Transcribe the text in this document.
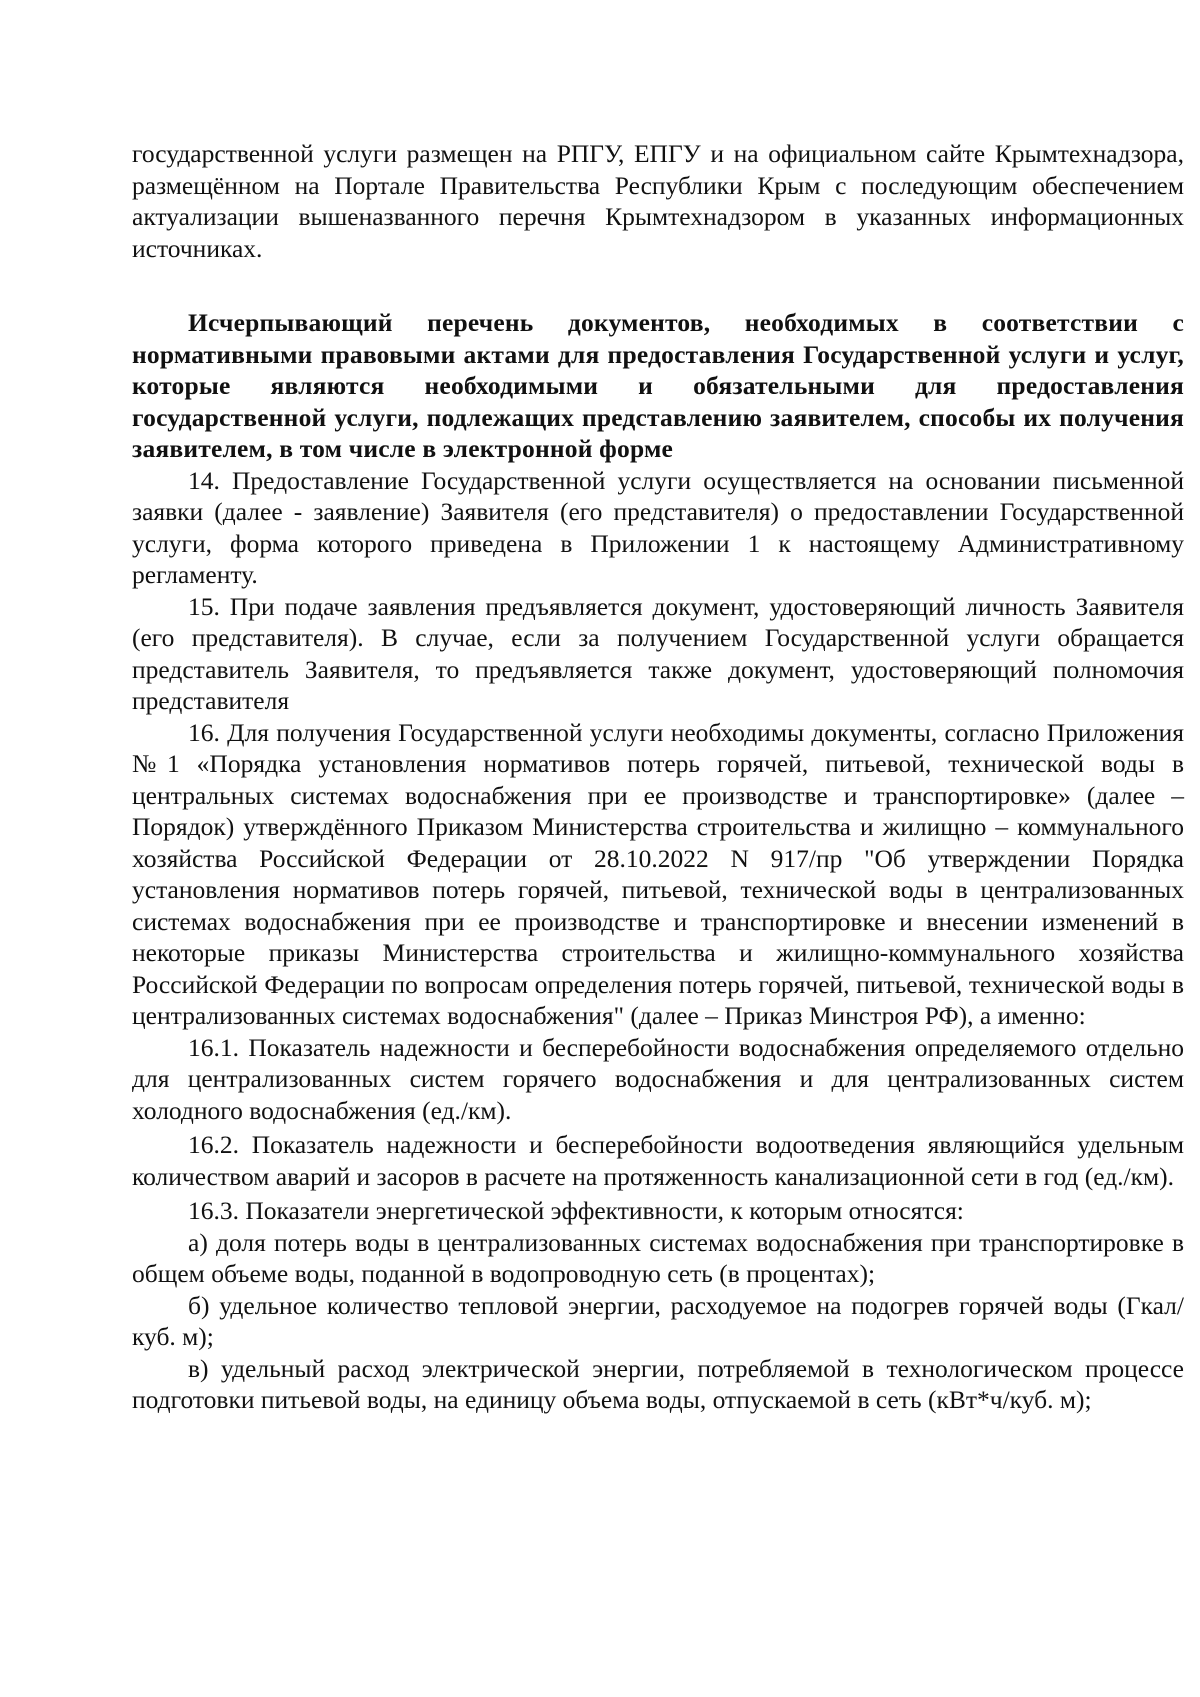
государственной услуги размещен на РПГУ, ЕПГУ и на официальном сайте Крымтехнадзора, размещённом на Портале Правительства Республики Крым с последующим обеспечением актуализации вышеназванного перечня Крымтехнадзором в указанных информационных источниках.

Исчерпывающий перечень документов, необходимых в соответствии с нормативными правовыми актами для предоставления Государственной услуги и услуг, которые являются необходимыми и обязательными для предоставления государственной услуги, подлежащих представлению заявителем, способы их получения заявителем, в том числе в электронной форме

14. Предоставление Государственной услуги осуществляется на основании письменной заявки (далее - заявление) Заявителя (его представителя) о предоставлении Государственной услуги, форма которого приведена в Приложении 1 к настоящему Административному регламенту.

15. При подаче заявления предъявляется документ, удостоверяющий личность Заявителя (его представителя). В случае, если за получением Государственной услуги обращается представитель Заявителя, то предъявляется также документ, удостоверяющий полномочия представителя

16. Для получения Государственной услуги необходимы документы, согласно Приложения №1 «Порядка установления нормативов потерь горячей, питьевой, технической воды в центральных системах водоснабжения при ее производстве и транспортировке» (далее – Порядок) утверждённого Приказом Министерства строительства и жилищно – коммунального хозяйства Российской Федерации от 28.10.2022 N 917/пр "Об утверждении Порядка установления нормативов потерь горячей, питьевой, технической воды в централизованных системах водоснабжения при ее производстве и транспортировке и внесении изменений в некоторые приказы Министерства строительства и жилищно-коммунального хозяйства Российской Федерации по вопросам определения потерь горячей, питьевой, технической воды в централизованных системах водоснабжения" (далее – Приказ Минстроя РФ), а именно:

16.1. Показатель надежности и бесперебойности водоснабжения определяемого отдельно для централизованных систем горячего водоснабжения и для централизованных систем холодного водоснабжения (ед./км).

16.2. Показатель надежности и бесперебойности водоотведения являющийся удельным количеством аварий и засоров в расчете на протяженность канализационной сети в год (ед./км).

16.3. Показатели энергетической эффективности, к которым относятся:

а) доля потерь воды в централизованных системах водоснабжения при транспортировке в общем объеме воды, поданной в водопроводную сеть (в процентах);

б) удельное количество тепловой энергии, расходуемое на подогрев горячей воды (Гкал/куб. м);

в) удельный расход электрической энергии, потребляемой в технологическом процессе подготовки питьевой воды, на единицу объема воды, отпускаемой в сеть (кВт*ч/куб. м);
